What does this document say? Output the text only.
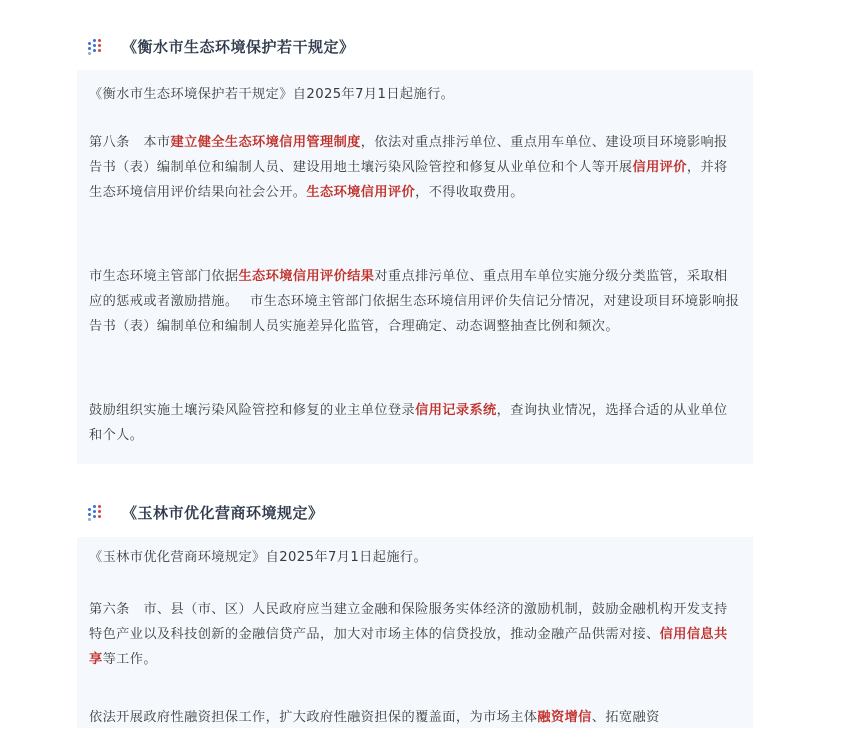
《衡水市生态环境保护若干规定》

《衡水市生态环境保护若干规定》自2025年7月1日起施行。

第八条　本市建立健全生态环境信用管理制度，依法对重点排污单位、重点用车单位、建设项目环境影响报告书（表）编制单位和编制人员、建设用地土壤污染风险管控和修复从业单位和个人等开展信用评价，并将生态环境信用评价结果向社会公开。生态环境信用评价，不得收取费用。

市生态环境主管部门依据生态环境信用评价结果对重点排污单位、重点用车单位实施分级分类监管，采取相应的惩戒或者激励措施。　 市生态环境主管部门依据生态环境信用评价失信记分情况，对建设项目环境影响报告书（表）编制单位和编制人员实施差异化监管，合理确定、动态调整抽查比例和频次。

鼓励组织实施土壤污染风险管控和修复的业主单位登录信用记录系统，查询执业情况，选择合适的从业单位和个人。

《玉林市优化营商环境规定》

《玉林市优化营商环境规定》自2025年7月1日起施行。

第六条　市、县（市、区）人民政府应当建立金融和保险服务实体经济的激励机制，鼓励金融机构开发支持特色产业以及科技创新的金融信贷产品，加大对市场主体的信贷投放，推动金融产品供需对接、信用信息共享等工作。

依法开展政府性融资担保工作，扩大政府性融资担保的覆盖面，为市场主体融资增信、拓宽融资
